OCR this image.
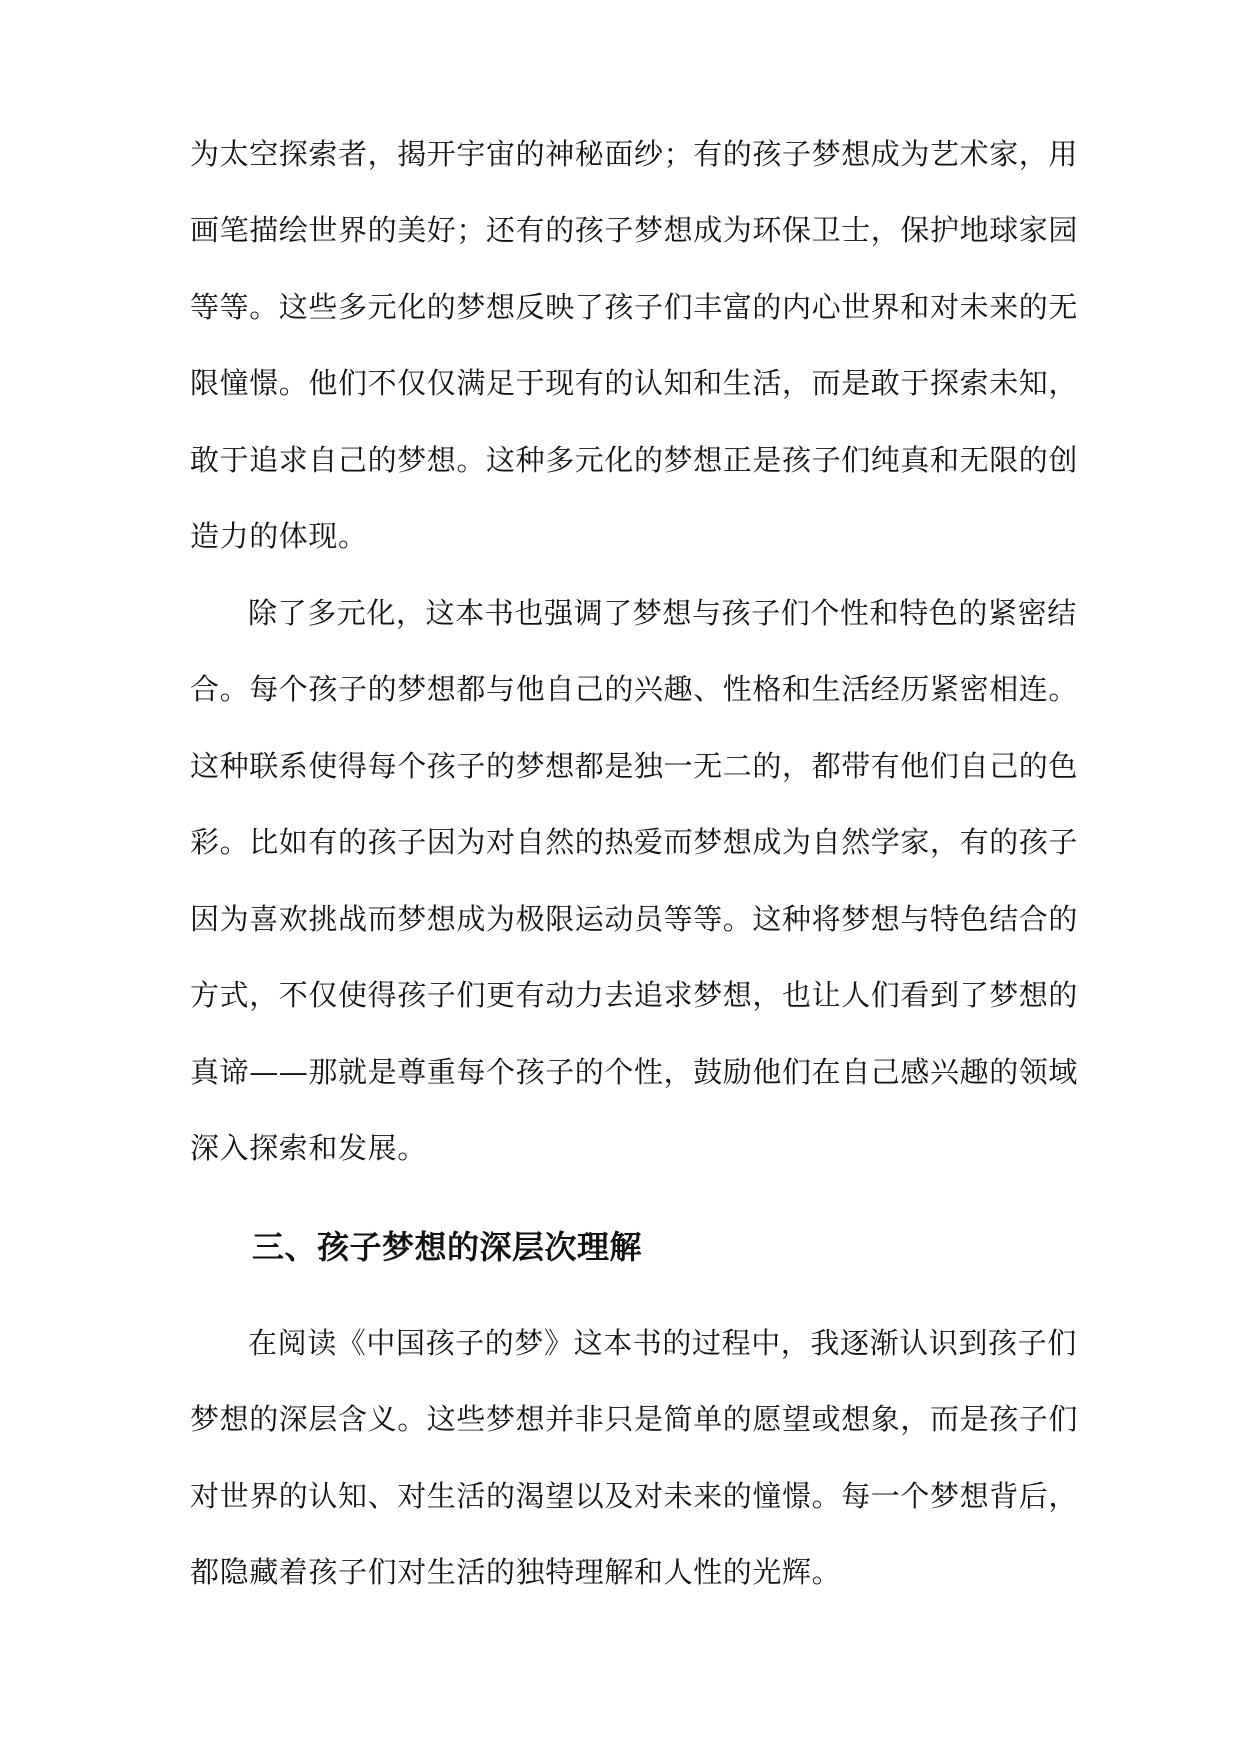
为太空探索者，揭开宇宙的神秘面纱；有的孩子梦想成为艺术家，用
画笔描绘世界的美好；还有的孩子梦想成为环保卫士，保护地球家园
等等。这些多元化的梦想反映了孩子们丰富的内心世界和对未来的无
限憧憬。他们不仅仅满足于现有的认知和生活，而是敢于探索未知，
敢于追求自己的梦想。这种多元化的梦想正是孩子们纯真和无限的创
造力的体现。
除了多元化，这本书也强调了梦想与孩子们个性和特色的紧密结
合。每个孩子的梦想都与他自己的兴趣、性格和生活经历紧密相连。
这种联系使得每个孩子的梦想都是独一无二的，都带有他们自己的色
彩。比如有的孩子因为对自然的热爱而梦想成为自然学家，有的孩子
因为喜欢挑战而梦想成为极限运动员等等。这种将梦想与特色结合的
方式，不仅使得孩子们更有动力去追求梦想，也让人们看到了梦想的
真谛——那就是尊重每个孩子的个性，鼓励他们在自己感兴趣的领域
深入探索和发展。
三、孩子梦想的深层次理解
在阅读《中国孩子的梦》这本书的过程中，我逐渐认识到孩子们
梦想的深层含义。这些梦想并非只是简单的愿望或想象，而是孩子们
对世界的认知、对生活的渴望以及对未来的憧憬。每一个梦想背后，
都隐藏着孩子们对生活的独特理解和人性的光辉。
